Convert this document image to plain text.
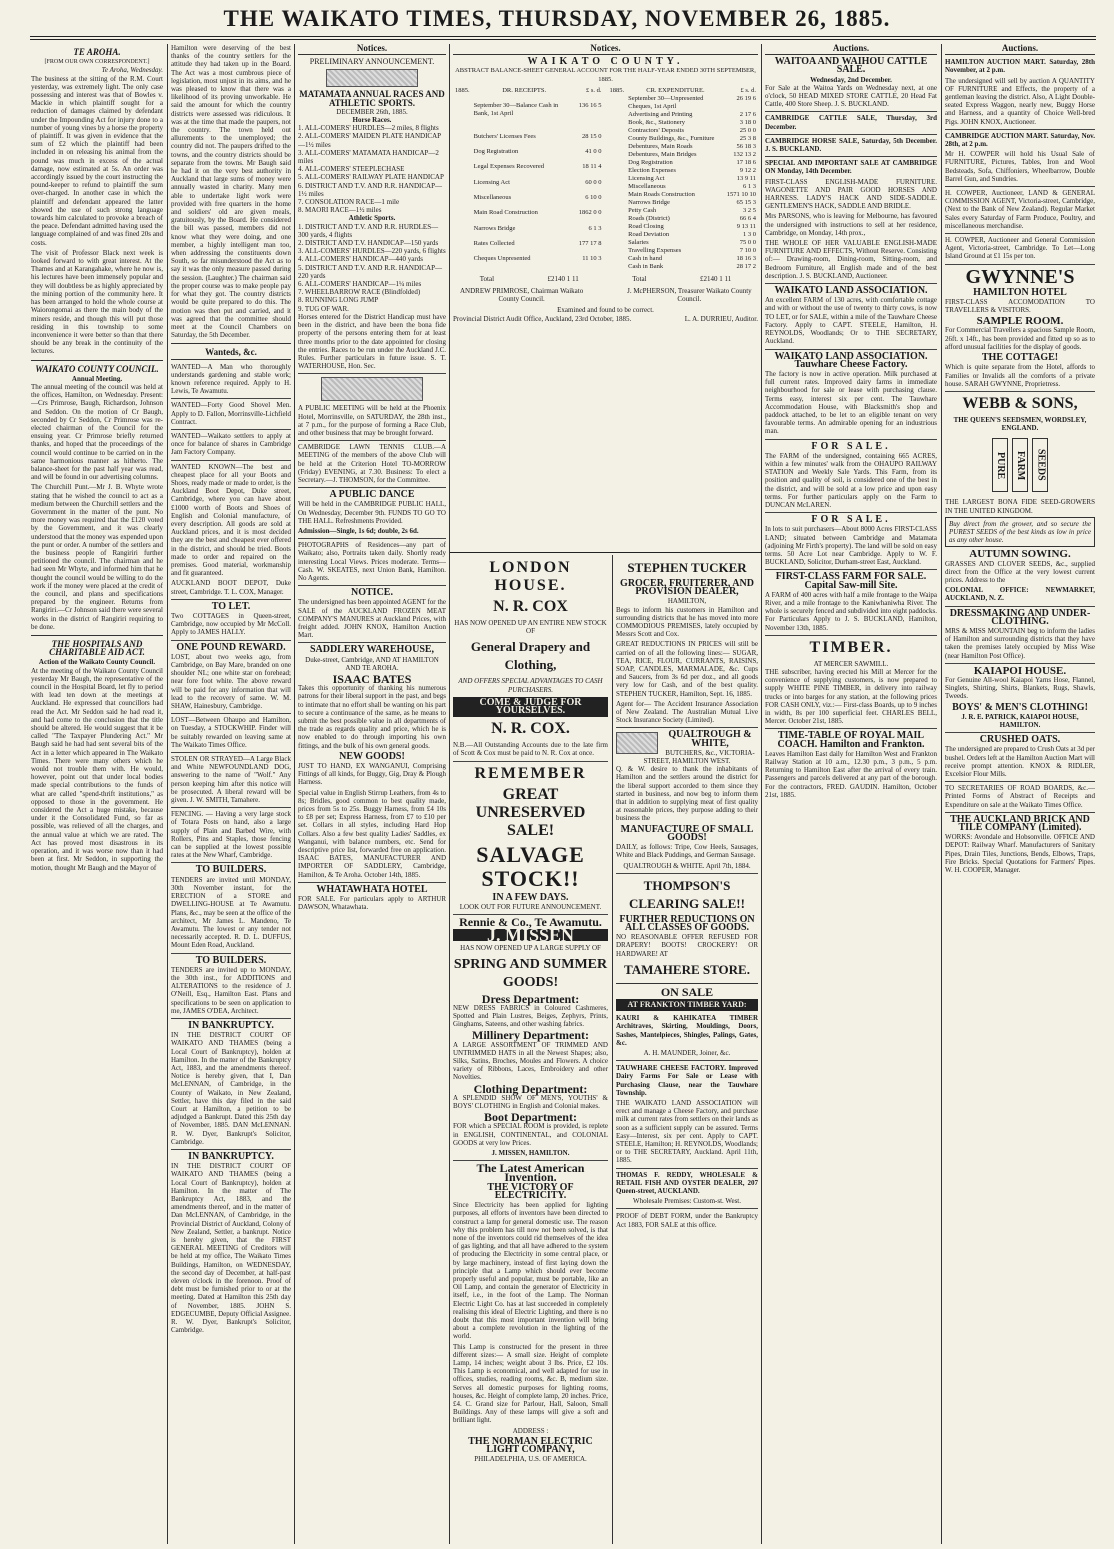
THE WAIKATO TIMES, THURSDAY, NOVEMBER 26, 1885.
TE AROHA.
[FROM OUR OWN CORRESPONDENT.]
Te Aroha, Wednesday.

The business at the sitting of the R.M. Court yesterday, was extremely light. The only case possessing and interest was that of Bowles v. Mackie in which plaintiff sought for a reduction of damages claimed by defendant under the Impounding Act for injury done to a number of young vines by a horse the property of plaintiff. It was given in evidence that the sum of £2 which the plaintiff had been included in on releasing his animal from the pound was much in excess of the actual damage, now estimated at 5s. An order was accordingly issued by the court instructing the pound-keeper to refund to plaintiff the sum over-charged. In another case in which the plaintiff and defendant appeared the latter showed the use of such strong language towards him calculated to provoke a breach of the peace. Defendant admitted having used the language complained of and was fined 20s and costs.

The visit of Professor Black next week is looked forward to with great interest. At the Thames and at Karangahake, where he now is, his lectures have been immensely popular and they will doubtless be as highly appreciated by the mining portion of the community here. It has been arranged to hold the whole course at Waiorongomai as there the main body of the miners reside, and though this will put those residing in this township to some inconvenience it were better so than that there should be any break in the continuity of the lectures.

WAIKATO COUNTY COUNCIL.
Annual Meeting.

The annual meeting of the council was held at the offices, Hamilton, on Wednesday. Present:—Crs Primrose, Baugh, Richardson, Johnson and Seddon. On the motion of Cr Baugh, seconded by Cr Seddon, Cr Primrose was re-elected chairman of the Council for the ensuing year. Cr Primrose briefly returned thanks, and hoped that the proceedings of the council would continue to be carried on in the same harmonious manner as hitherto. The balance-sheet for the past half year was read, and will be found in our advertising columns.

The Churchill Punt.—Mr J. B. Whyte wrote stating that he wished the council to act as a medium between the Churchill settlers and the Government in the matter of the punt. No more money was required that the £120 voted by the Government, and it was clearly understood that the money was expended upon the punt or order. A number of the settlers and the business people of Rangiriri further petitioned the council. The chairman and he had seen Mr Whyte, and informed him that he thought the council would be willing to do the work if the money were placed at the credit of the council, and plans and specifications prepared by the engineer. Returns from Rangiriri.—Cr Johnson said there were several works in the district of Rangiriri requiring to be done.

THE HOSPITALS AND CHARITABLE AID ACT.
Action of the Waikato County Council.

At the meeting of the Waikato County Council yesterday Mr Baugh, the representative of the council in the Hospital Board, let fly to period with lead ten down at the meetings at Auckland. He expressed that councillors had read the Act. Mr Seddon said he had read it, and had come to the conclusion that the title should be altered. He would suggest that it be called "The Taxpayer Plundering Act." Mr Baugh said he had had sent several bits of the Act in a letter which appeared in The Waikato Times. There were many others which he would not trouble them with. He would, however, point out that under local bodies made special contributions to the funds of what are called "spend-thrift institutions," as opposed to those in the government. He considered the Act a huge mistake, because under it the Consolidated Fund, so far as possible, was relieved of all the charges, and the annual value at which we are rated. The Act has proved most disastrous in its operation, and it was worse now than it had been at first. Mr Seddon, in supporting the motion, thought Mr Baugh and the Mayor of

Hamilton were deserving of the best thanks of the country settlers for the attitude they had taken up in the Board. The Act was a most cumbrous piece of legislation, most unjust in its aims, and he was pleased to know that there was a likelihood of its proving unworkable. He said the amount for which the country districts were assessed was ridiculous. It was at the time that made the paupers, not the country. The town held out allurements to the unemployed; the country did not. The paupers drifted to the towns, and the country districts should be separate from the towns. Mr Baugh said he had it on the very best authority in Auckland that large sums of money were annually wasted in charity. Many men able to undertake light work were provided with free quarters in the home and soldiers' old are given meals, gratuitously, by the Board. He considered the bill was passed, members did not know what they were doing, and one member, a highly intelligent man too, when addressing the constituents down South, so far misunderstood the Act as to say it was the only measure passed during the session. (Laughter.) The chairman said the proper course was to make people pay for what they got. The country districts would be quite prepared to do this. The motion was then put and carried, and it was agreed that the committee should meet at the Council Chambers on Saturday, the 5th December.

Wanteds, &c.

WANTED—A Man who thoroughly understands gardening and stable work; known reference required. Apply to H. Lewis, Te Awamutu.

WANTED—Forty Good Shovel Men. Apply to D. Fallon, Morrinsville-Lichfield Contract.

WANTED—Waikato settlers to apply at once for balance of shares in Cambridge Jam Factory Company.

WANTED KNOWN—The best and cheapest place for all your Boots and Shoes, ready made or made to order, is the Auckland Boot Depot, Duke street, Cambridge, where you can have about £1000 worth of Boots and Shoes of English and Colonial manufacture, of every description. All goods are sold at Auckland prices, and it is most decided they are the best and cheapest ever offered in the district, and should be tried. Boots made to order and repaired on the premises. Good material, workmanship and fit guaranteed.

AUCKLAND BOOT DEPOT, Duke street, Cambridge. T. L. COX, Manager.

TO LET.

Two COTTAGES in Queen-street, Cambridge, now occupied by Mr McColl. Apply to JAMES HALLY.

ONE POUND REWARD.

LOST, about two weeks ago, from Cambridge, on Bay Mare, branded on one shoulder NL; one white star on forehead; near fore foot white. The above reward will be paid for any information that will lead to the recovery of same. W. M. SHAW, Hainesbury, Cambridge.

LOST—Between Ohaupo and Hamilton, on Tuesday, a STOCKWHIP. Finder will be suitably rewarded on leaving same at The Waikato Times Office.

STOLEN OR STRAYED—A Large Black and White NEWFOUNDLAND DOG, answering to the name of "Wolf." Any person keeping him after this notice will be prosecuted. A liberal reward will be given. J. W. SMITH, Tamahere.

FENCING. — Having a very large stock of Totara Posts on hand, also a large supply of Plain and Barbed Wire, with Rollers, Pins and Staples, those fencing can be supplied at the lowest possible rates at the New Wharf, Cambridge.

TO BUILDERS.

TENDERS are invited until MONDAY, 30th November instant, for the ERECTION of a STORE and DWELLING-HOUSE at Te Awamutu. Plans, &c., may be seen at the office of the architect, Mr James L. Mandeno, Te Awamutu. The lowest or any tender not necessarily accepted. R. D. L. DUFFUS, Mount Eden Road, Auckland.

TO BUILDERS.

TENDERS are invited up to MONDAY, the 30th inst., for ADDITIONS and ALTERATIONS to the residence of J. O'Neill, Esq., Hamilton East. Plans and specifications to be seen on application to me, JAMES O'DEA, Architect.

IN BANKRUPTCY.

IN THE DISTRICT COURT OF WAIKATO AND THAMES (being a Local Court of Bankruptcy), holden at Hamilton. In the matter of the Bankruptcy Act, 1883, and the amendments thereof. Notice is hereby given, that I, Dan McLENNAN, of Cambridge, in the County of Waikato, in New Zealand, Settler, have this day filed in the said Court at Hamilton, a petition to be adjudged a Bankrupt. Dated this 25th day of November, 1885. DAN McLENNAN. R. W. Dyer, Bankrupt's Solicitor, Cambridge.

IN BANKRUPTCY.

IN THE DISTRICT COURT OF WAIKATO AND THAMES (being a Local Court of Bankruptcy), holden at Hamilton. In the matter of The Bankruptcy Act, 1883, and the amendments thereof, and in the matter of Dan McLENNAN, of Cambridge, in the Provincial District of Auckland, Colony of New Zealand, Settler, a bankrupt. Notice is hereby given, that the FIRST GENERAL MEETING of Creditors will be held at my office, The Waikato Times Buildings, Hamilton, on WEDNESDAY, the second day of December, at half-past eleven o'clock in the forenoon. Proof of debt must be furnished prior to or at the meeting. Dated at Hamilton this 25th day of November, 1885. JOHN S. EDGECUMBE, Deputy Official Assignee. R. W. Dyer, Bankrupt's Solicitor, Cambridge.

Notices.
PRELIMINARY ANNOUNCEMENT.
MATAMATA ANNUAL RACES AND ATHLETIC SPORTS.
DECEMBER 26th, 1885.
Horse Races.
1. ALL-COMERS' HURDLES—2 miles, 8 flights
2. ALL-COMERS' MAIDEN PLATE HANDICAP—1½ miles
3. ALL-COMERS' MATAMATA HANDICAP—2 miles
4. ALL-COMERS' STEEPLECHASE
5. ALL-COMERS' RAILWAY PLATE HANDICAP
6. DISTRICT AND T.V. AND R.R. HANDICAP—1½ miles
7. CONSOLATION RACE—1 mile
8. MAORI RACE—1½ miles
Athletic Sports.
1. DISTRICT AND T.V. AND R.R. HURDLES—300 yards, 4 flights
2. DISTRICT AND T.V. HANDICAP—150 yards
3. ALL-COMERS' HURDLES—220 yards, 6 flights
4. ALL-COMERS' HANDICAP—440 yards
5. DISTRICT AND T.V. AND R.R. HANDICAP—220 yards
6. ALL-COMERS' HANDICAP—1¼ miles
7. WHEELBARROW RACE (Blindfolded)
8. RUNNING LONG JUMP
9. TUG OF WAR.

Horses entered for the District Handicap must have been in the district, and have been the bona fide property of the persons entering them for at least three months prior to the date appointed for closing the entries. Races to be run under the Auckland J.C. Rules. Further particulars in future issue. S. T. WATERHOUSE, Hon. Sec.

A PUBLIC MEETING will be held at the Phoenix Hotel, Morrinsville, on SATURDAY, the 28th inst., at 7 p.m., for the purpose of forming a Race Club, and other business that may be brought forward.

CAMBRIDGE LAWN TENNIS CLUB.—A MEETING of the members of the above Club will be held at the Criterion Hotel TO-MORROW (Friday) EVENING, at 7.30. Business: To elect a Secretary.—J. THOMSON, for the Committee.

A PUBLIC DANCE

Will be held in the CAMBRIDGE PUBLIC HALL, On Wednesday, December 9th. FUNDS TO GO TO THE HALL. Refreshments Provided.

Admission—Single, 1s 6d; double, 2s 6d.

PHOTOGRAPHS of Residences—any part of Waikato; also, Portraits taken daily. Shortly ready interesting Local Views. Prices moderate. Terms—Cash. W. SKEATES, next Union Bank, Hamilton. No Agents.

NOTICE.

The undersigned has been appointed AGENT for the SALE of the AUCKLAND FROZEN MEAT COMPANY'S MANURES at Auckland Prices, with freight added. JOHN KNOX, Hamilton Auction Mart.

SADDLERY WAREHOUSE,
Duke-street, Cambridge, AND AT HAMILTON AND TE AROHA.
ISAAC BATES

Takes this opportunity of thanking his numerous patrons for their liberal support in the past, and begs to intimate that no effort shall be wanting on his part to secure a continuance of the same, as he means to submit the best possible value in all departments of the trade as regards quality and price, which he is now enabled to do through importing his own fittings, and the bulk of his own general goods.

NEW GOODS!

JUST TO HAND, EX WANGANUI, Comprising Fittings of all kinds, for Buggy, Gig, Dray & Plough Harness.

Special value in English Stirrup Leathers, from 4s to 8s; Bridles, good common to best quality made, prices from 5s to 25s. Buggy Harness, from £4 10s to £8 per set; Express Harness, from £7 to £10 per set. Collars in all styles, including Hard Hop Collars. Also a few best quality Ladies' Saddles, ex Wanganui, with balance numbers, etc. Send for descriptive price list, forwarded free on application. ISAAC BATES, MANUFACTURER AND IMPORTER OF SADDLERY, Cambridge, Hamilton, & Te Aroha. October 14th, 1885.

WHATAWHATA HOTEL

FOR SALE. For particulars apply to ARTHUR DAWSON, Whatawhata.

Notices.
WAIKATO COUNTY.
ABSTRACT BALANCE-SHEET GENERAL ACCOUNT FOR THE HALF-YEAR ENDED 30TH SEPTEMBER, 1885.
1885.	DR. RECEIPTS.	£ s. d.
	September 30—Balance Cash in Bank, 1st April	136 16 5
	Butchers' Licenses Fees	28 15 0
	Dog Registration	41 0 0
	Legal Expenses Recovered	18 11 4
	Licensing Act	60 0 0
	Miscellaneous	6 10 0
	Main Road Construction	1862 0 0
	Narrows Bridge	6 1 3
	Rates Collected	177 17 8
	Cheques Unpresented	11 10 3
1885.	CR. EXPENDITURE.	£ s. d.
	September 30—Unpresented Cheques, 1st April	26 19 6
	Advertising and Printing	2 17 6
	Book, &c., Stationery	3 18 0
	Contractors' Deposits	25 0 0
	County Buildings, &c., Furniture	25 3 8
	Debentures, Main Roads	56 18 3
	Debentures, Main Bridges	132 13 2
	Dog Registration	17 18 6
	Election Expenses	9 12 2
	Licensing Act	13 9 11
	Miscellaneous	6 1 3
	Main Roads Construction	1571 10 10
	Narrows Bridge	65 15 3
	Petty Cash	3 2 5
	Roads (District)	66 6 4
	Road Closing	9 13 11
	Road Deviation	1 3 0
	Salaries	75 0 0
	Travelling Expenses	7 10 0
	Cash in hand	18 16 3
	Cash in Bank	28 17 2
Total	£2140 1 11	Total	£2140 1 11
ANDREW PRIMROSE, Chairman Waikato County Council.
J. McPHERSON, Treasurer Waikato County Council.
Examined and found to be correct.
Provincial District Audit Office, Auckland, 23rd October, 1885.	L. A. DURRIEU, Auditor.
LONDON HOUSE.
N. R. COX
HAS NOW OPENED UP AN ENTIRE NEW STOCK OF
General Drapery and Clothing,
AND OFFERS SPECIAL ADVANTAGES TO CASH PURCHASERS.
COME & JUDGE FOR YOURSELVES.
N. R. COX.

N.B.—All Outstanding Accounts due to the late firm of Scott & Cox must be paid to N. R. Cox at once.

REMEMBER
GREAT UNRESERVED SALE!
SALVAGE STOCK!!
IN A FEW DAYS.
LOOK OUT FOR FUTURE ANNOUNCEMENT.
Rennie & Co., Te Awamutu.
J. MISSEN
HAS NOW OPENED UP A LARGE SUPPLY OF
SPRING AND SUMMER GOODS!
Dress Department:

NEW DRESS FABRICS in Coloured Cashmeres, Spotted and Plain Lustres, Beiges, Zephyrs, Prints, Ginghams, Sateens, and other washing fabrics.

Millinery Department:

A LARGE ASSORTMENT OF TRIMMED AND UNTRIMMED HATS in all the Newest Shapes; also, Silks, Satins, Broches, Moules and Flowers. A choice variety of Ribbons, Laces, Embroidery and other Novelties.

Clothing Department:

A SPLENDID SHOW OF MEN'S, YOUTHS' & BOYS' CLOTHING in English and Colonial makes.

Boot Department:

FOR which a SPECIAL ROOM is provided, is replete in ENGLISH, CONTINENTAL, and COLONIAL GOODS at very low Prices.

J. MISSEN, HAMILTON.
The Latest American Invention.
THE VICTORY OF ELECTRICITY.

Since Electricity has been applied for lighting purposes, all efforts of inventors have been directed to construct a lamp for general domestic use. The reason why this problem has till now not been solved, is that none of the inventors could rid themselves of the idea of gas lighting, and that all have adhered to the system of producing the Electricity in some central place, or by large machinery, instead of first laying down the principle that a Lamp which should ever become properly useful and popular, must be portable, like an Oil Lamp, and contain the generator of Electricity in itself, i.e., in the foot of the Lamp. The Norman Electric Light Co. has at last succeeded in completely realising this ideal of Electric Lighting, and there is no doubt that this most important invention will bring about a complete revolution in the lighting of the world.

This Lamp is constructed for the present in three different sizes:— A small size. Height of complete Lamp, 14 inches; weight about 3 lbs. Price, £2 10s. This Lamp is economical, and well adapted for use in offices, studies, reading rooms, &c. B, medium size. Serves all domestic purposes for lighting rooms, houses, &c. Height of complete lamp, 20 inches. Price, £4. C. Grand size for Parlour, Hall, Saloon, Small Buildings. Any of these lamps will give a soft and brilliant light.

ADDRESS :
THE NORMAN ELECTRIC LIGHT COMPANY,
PHILADELPHIA, U.S. OF AMERICA.
STEPHEN TUCKER
GROCER, FRUITERER, AND PROVISION DEALER,
HAMILTON,

Begs to inform his customers in Hamilton and surrounding districts that he has moved into more COMMODIOUS PREMISES, lately occupied by Messrs Scott and Cox.

GREAT REDUCTIONS IN PRICES will still be carried on of all the following lines:— SUGAR, TEA, RICE, FLOUR, CURRANTS, RAISINS, SOAP, CANDLES, MARMALADE, &c. Cups and Saucers, from 3s 6d per doz., and all goods very low for Cash, and of the best quality. STEPHEN TUCKER, Hamilton, Sept. 16, 1885.

Agent for— The Accident Insurance Association of New Zealand. The Australian Mutual Live Stock Insurance Society (Limited).

QUALTROUGH & WHITE,
BUTCHERS, &c., VICTORIA-STREET, HAMILTON WEST.

Q. & W. desire to thank the inhabitants of Hamilton and the settlers around the district for the liberal support accorded to them since they started in business, and now beg to inform them that in addition to supplying meat of first quality at reasonable prices, they purpose adding to their business the

MANUFACTURE OF SMALL GOODS!

DAILY, as follows: Tripe, Cow Heels, Sausages, White and Black Puddings, and German Sausage.

QUALTROUGH & WHITE. April 7th, 1884.
THOMPSON'S CLEARING SALE!!
FURTHER REDUCTIONS ON ALL CLASSES OF GOODS.

NO REASONABLE OFFER REFUSED FOR DRAPERY! BOOTS! CROCKERY! OR HARDWARE! AT

TAMAHERE STORE.
ON SALE
AT FRANKTON TIMBER YARD:

KAURI & KAHIKATEA TIMBER Architraves, Skirting, Mouldings, Doors, Sashes, Mantelpieces, Shingles, Palings, Gates, &c.

A. H. MAUNDER, Joiner, &c.

TAUWHARE CHEESE FACTORY. Improved Dairy Farms For Sale or Lease with Purchasing Clause, near the Tauwhare Township.

THE WAIKATO LAND ASSOCIATION will erect and manage a Cheese Factory, and purchase milk at current rates from settlers on their lands as soon as a sufficient supply can be assured. Terms Easy—Interest, six per cent. Apply to CAPT. STEELE, Hamilton; H. REYNOLDS, Woodlands; or to THE SECRETARY, Auckland. April 11th, 1885.

THOMAS F. REDDY, WHOLESALE & RETAIL FISH AND OYSTER DEALER, 207 Queen-street, AUCKLAND.

Wholesale Premises: Custom-st. West.

PROOF of DEBT FORM, under the Bankruptcy Act 1883, FOR SALE at this office.

Auctions.
WAITOA AND WAIHOU CATTLE SALE.
Wednesday, 2nd December.

For Sale at the Waitoa Yards on Wednesday next, at one o'clock, 50 HEAD MIXED STORE CATTLE, 20 Head Fat Cattle, 400 Store Sheep. J. S. BUCKLAND.

CAMBRIDGE CATTLE SALE, Thursday, 3rd December.

CAMBRIDGE HORSE SALE, Saturday, 5th December. J. S. BUCKLAND.

SPECIAL AND IMPORTANT SALE AT CAMBRIDGE ON Monday, 14th December.

FIRST-CLASS ENGLISH-MADE FURNITURE. WAGONETTE AND PAIR GOOD HORSES AND HARNESS. LADY'S HACK AND SIDE-SADDLE. GENTLEMEN'S HACK, SADDLE AND BRIDLE.

Mrs PARSONS, who is leaving for Melbourne, has favoured the undersigned with instructions to sell at her residence, Cambridge, on Monday, 14th prox.,

THE WHOLE OF HER VALUABLE ENGLISH-MADE FURNITURE AND EFFECTS, Without Reserve. Consisting of:— Drawing-room, Dining-room, Sitting-room, and Bedroom Furniture, all English made and of the best description. J. S. BUCKLAND, Auctioneer.

WAIKATO LAND ASSOCIATION.

An excellent FARM of 130 acres, with comfortable cottage and with or without the use of twenty to thirty cows, is now TO LET, or for SALE, within a mile of the Tauwhare Cheese Factory. Apply to CAPT. STEELE, Hamilton, H. REYNOLDS, Woodlands; Or to THE SECRETARY, Auckland.

WAIKATO LAND ASSOCIATION. Tauwhare Cheese Factory.

The factory is now in active operation. Milk purchased at full current rates. Improved dairy farms in immediate neighbourhood for sale or lease with purchasing clause. Terms easy, interest six per cent. The Tauwhare Accommodation House, with Blacksmith's shop and paddock attached, to be let to an eligible tenant on very favourable terms. An admirable opening for an industrious man.

FOR SALE.

The FARM of the undersigned, containing 665 ACRES, within a few minutes' walk from the OHAUPO RAILWAY STATION and Weekly Sale Yards. This Farm, from its position and quality of soil, is considered one of the best in the district, and will be sold at a low price and upon easy terms. For further particulars apply on the Farm to DUNCAN McLAREN.

FOR SALE.

In lots to suit purchasers—About 8000 Acres FIRST-CLASS LAND; situated between Cambridge and Matamata (adjoining Mr Firth's property). The land will be sold on easy terms. 50 Acre Lot near Cambridge. Apply to W. F. BUCKLAND, Solicitor, Durham-street East, Auckland.

FIRST-CLASS FARM FOR SALE. Capital Saw-mill Site.

A FARM of 400 acres with half a mile frontage to the Waipa River, and a mile frontage to the Kaniwhaniwha River. The whole is securely fenced and subdivided into eight paddocks. For Particulars Apply to J. S. BUCKLAND, Hamilton, November 13th, 1885.

TIMBER.
AT MERCER SAWMILL.

THE subscriber, having erected his Mill at Mercer for the convenience of supplying customers, is now prepared to supply WHITE PINE TIMBER, in delivery into railway trucks or into barges for any station, at the following prices FOR CASH ONLY, viz.:— First-class Boards, up to 9 inches in width, 8s per 100 superficial feet. CHARLES BELL, Mercer. October 21st, 1885.

TIME-TABLE OF ROYAL MAIL COACH. Hamilton and Frankton.

Leaves Hamilton East daily for Hamilton West and Frankton Railway Station at 10 a.m., 12.30 p.m., 3 p.m., 5 p.m. Returning to Hamilton East after the arrival of every train. Passengers and parcels delivered at any part of the borough. For the contractors, FRED. GAUDIN. Hamilton, October 21st, 1885.

Auctions.

HAMILTON AUCTION MART. Saturday, 28th November, at 2 p.m.

The undersigned will sell by auction A QUANTITY OF FURNITURE and Effects, the property of a gentleman leaving the district. Also, A Light Double-seated Express Waggon, nearly new, Buggy Horse and Harness, and a quantity of Choice Well-bred Pigs. JOHN KNOX, Auctioneer.

CAMBRIDGE AUCTION MART. Saturday, Nov. 28th, at 2 p.m.

Mr H. COWPER will hold his Usual Sale of FURNITURE, Pictures, Tables, Iron and Wool Bedsteads, Sofa, Chiffoniers, Wheelbarrow, Double Barrel Gun, and Sundries.

H. COWPER, Auctioneer, LAND & GENERAL COMMISSION AGENT, Victoria-street, Cambridge, (Next to the Bank of New Zealand). Regular Market Sales every Saturday of Farm Produce, Poultry, and miscellaneous merchandise.

H. COWPER, Auctioneer and General Commission Agent, Victoria-street, Cambridge. To Let—Long Island Ground at £1 15s per ton.

GWYNNE'S
HAMILTON HOTEL

FIRST-CLASS ACCOMODATION TO TRAVELLERS & VISITORS.

SAMPLE ROOM.

For Commercial Travellers a spacious Sample Room, 26ft. x 14ft., has been provided and fitted up so as to afford unusual facilities for the display of goods.

THE COTTAGE!

Which is quite separate from the Hotel, affords to Families or Invalids all the comforts of a private house. SARAH GWYNNE, Proprietress.

WEBB & SONS,
THE QUEEN'S SEEDSMEN, WORDSLEY, ENGLAND.
PURE FARM SEEDS

THE LARGEST BONA FIDE SEED-GROWERS IN THE UNITED KINGDOM.

Buy direct from the grower, and so secure the PUREST SEEDS of the best kinds as low in price as any other house.

AUTUMN SOWING.

GRASSES AND CLOVER SEEDS, &c., supplied direct from the Office at the very lowest current prices. Address to the

COLONIAL OFFICE: NEWMARKET, AUCKLAND, N. Z.

DRESSMAKING AND UNDER-CLOTHING.

MRS & MISS MOUNTAIN beg to inform the ladies of Hamilton and surrounding districts that they have taken the premises lately occupied by Miss Wise (near Hamilton Post Office).

KAIAPOI HOUSE.

For Genuine All-wool Kaiapoi Yarns Hose, Flannel, Singlets, Shirting, Shirts, Blankets, Rugs, Shawls, Tweeds.

BOYS' & MEN'S CLOTHING!
J. R. E. PATRICK, KAIAPOI HOUSE, HAMILTON.
CRUSHED OATS.

The undersigned are prepared to Crush Oats at 3d per bushel. Orders left at the Hamilton Auction Mart will receive prompt attention. KNOX & RIDLER, Excelsior Flour Mills.

TO SECRETARIES OF ROAD BOARDS, &c.—Printed Forms of Abstract of Receipts and Expenditure on sale at the Waikato Times Office.

THE AUCKLAND BRICK AND TILE COMPANY (Limited).

WORKS: Avondale and Hobsonville. OFFICE AND DEPOT: Railway Wharf. Manufacturers of Sanitary Pipes, Drain Tiles, Junctions, Bends, Elbows, Traps, Fire Bricks. Special Quotations for Farmers' Pipes. W. H. COOPER, Manager.
